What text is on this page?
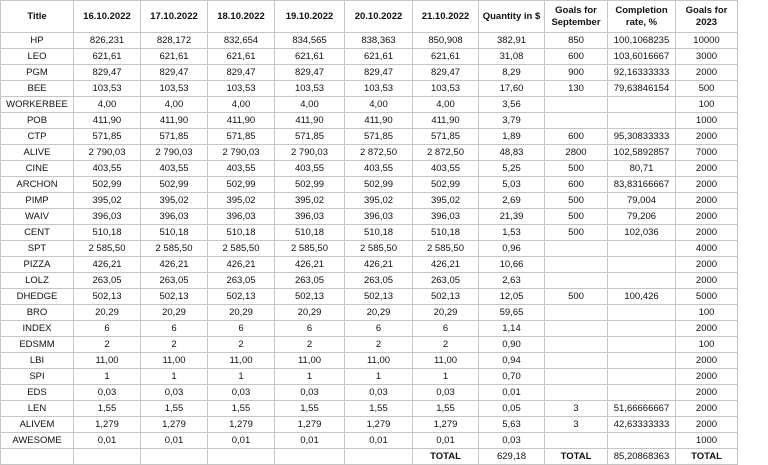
Title	16.10.2022	17.10.2022	18.10.2022	19.10.2022	20.10.2022	21.10.2022	Quantity in $	Goals for September	Completion rate, %	Goals for 2023
HP	826,231	828,172	832,654	834,565	838,363	850,908	382,91	850	100,1068235	10000
LEO	621,61	621,61	621,61	621,61	621,61	621,61	31,08	600	103,6016667	3000
PGM	829,47	829,47	829,47	829,47	829,47	829,47	8,29	900	92,16333333	2000
BEE	103,53	103,53	103,53	103,53	103,53	103,53	17,60	130	79,63846154	500
WORKERBEE	4,00	4,00	4,00	4,00	4,00	4,00	3,56			100
POB	411,90	411,90	411,90	411,90	411,90	411,90	3,79			1000
CTP	571,85	571,85	571,85	571,85	571,85	571,85	1,89	600	95,30833333	2000
ALIVE	2 790,03	2 790,03	2 790,03	2 790,03	2 872,50	2 872,50	48,83	2800	102,5892857	7000
CINE	403,55	403,55	403,55	403,55	403,55	403,55	5,25	500	80,71	2000
ARCHON	502,99	502,99	502,99	502,99	502,99	502,99	5,03	600	83,83166667	2000
PIMP	395,02	395,02	395,02	395,02	395,02	395,02	2,69	500	79,004	2000
WAIV	396,03	396,03	396,03	396,03	396,03	396,03	21,39	500	79,206	2000
CENT	510,18	510,18	510,18	510,18	510,18	510,18	1,53	500	102,036	2000
SPT	2 585,50	2 585,50	2 585,50	2 585,50	2 585,50	2 585,50	0,96			4000
PIZZA	426,21	426,21	426,21	426,21	426,21	426,21	10,66			2000
LOLZ	263,05	263,05	263,05	263,05	263,05	263,05	2,63			2000
DHEDGE	502,13	502,13	502,13	502,13	502,13	502,13	12,05	500	100,426	5000
BRO	20,29	20,29	20,29	20,29	20,29	20,29	59,65			100
INDEX	6	6	6	6	6	6	1,14			2000
EDSMM	2	2	2	2	2	2	0,90			100
LBI	11,00	11,00	11,00	11,00	11,00	11,00	0,94			2000
SPI	1	1	1	1	1	1	0,70			2000
EDS	0,03	0,03	0,03	0,03	0,03	0,03	0,01			2000
LEN	1,55	1,55	1,55	1,55	1,55	1,55	0,05	3	51,66666667	2000
ALIVEM	1,279	1,279	1,279	1,279	1,279	1,279	5,63	3	42,63333333	2000
AWESOME	0,01	0,01	0,01	0,01	0,01	0,01	0,03			1000
						TOTAL	629,18	TOTAL	85,20868363	TOTAL
